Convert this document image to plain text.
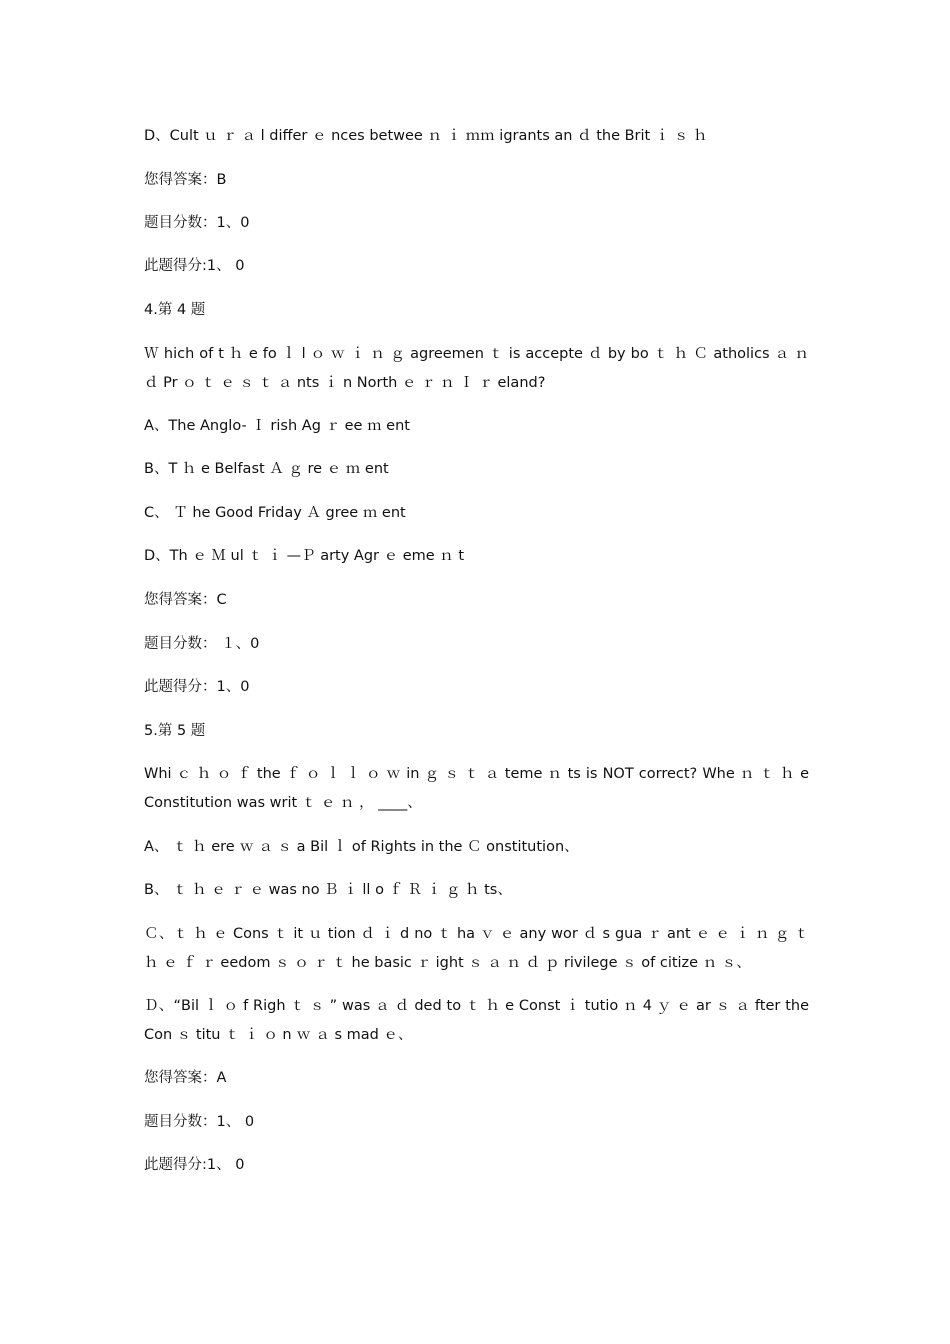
D、Cult ｕ ｒ ａ l differ ｅ nces betwee ｎ ｉ ｍｍ igrants an ｄ the Brit ｉ ｓ ｈ
您得答案：B
题目分数：1、0
此题得分:1、 0
4.第 4 题
Ｗ hich of t ｈ e fo ｌ l ｏ ｗ ｉ ｎ ｇ agreemen ｔ is accepte ｄ by bo ｔ ｈ Ｃ atholics ａ ｎ ｄ Pr ｏ ｔ ｅ ｓ ｔ ａ nts ｉ n North ｅ ｒ ｎ Ｉ ｒ eland?
A、The Anglo- Ｉ rish Ag ｒ ee ｍ ent
B、T ｈ e Belfast Ａ ｇ re ｅ ｍ ent
C、 Ｔ he Good Friday Ａ gree ｍ ent
D、Th ｅ Ｍ ul ｔ ｉ —Ｐ arty Agr ｅ eme ｎ t
您得答案：C
题目分数： １、0
此题得分：1、0
5.第 5 题
Whi ｃ ｈ ｏ ｆ the ｆ ｏ ｌ ｌ ｏ ｗ in ｇ ｓ ｔ ａ teme ｎ ts is NOT correct? Whe ｎ ｔ ｈ e Constitution was writ ｔ ｅ ｎ ， ____、
A、 ｔ ｈ ere ｗ ａ ｓ a Bil ｌ of Rights in the Ｃ onstitution、
B、 ｔ ｈ ｅ ｒ ｅ was no Ｂ ｉ ll o ｆ Ｒ ｉ ｇ ｈ ts、
Ｃ、ｔ ｈ ｅ Cons ｔ it ｕ tion ｄ ｉ d no ｔ ha ｖ ｅ any wor ｄ s gua ｒ ant ｅ ｅ ｉ ｎ ｇ ｔ ｈ ｅ ｆ ｒ eedom ｓ ｏ ｒ ｔ he basic ｒ ight ｓ ａ ｎ ｄ ｐ rivilege ｓ of citize ｎ ｓ、
Ｄ、“Bil ｌ ｏ f Righ ｔ ｓ ” was ａ ｄ ded to ｔ ｈ e Const ｉ tutio ｎ 4 ｙ ｅ ar ｓ ａ fter the Con ｓ titu ｔ ｉ ｏ n ｗ ａ s mad ｅ、
您得答案：A
题目分数：1、 0
此题得分:1、 0
